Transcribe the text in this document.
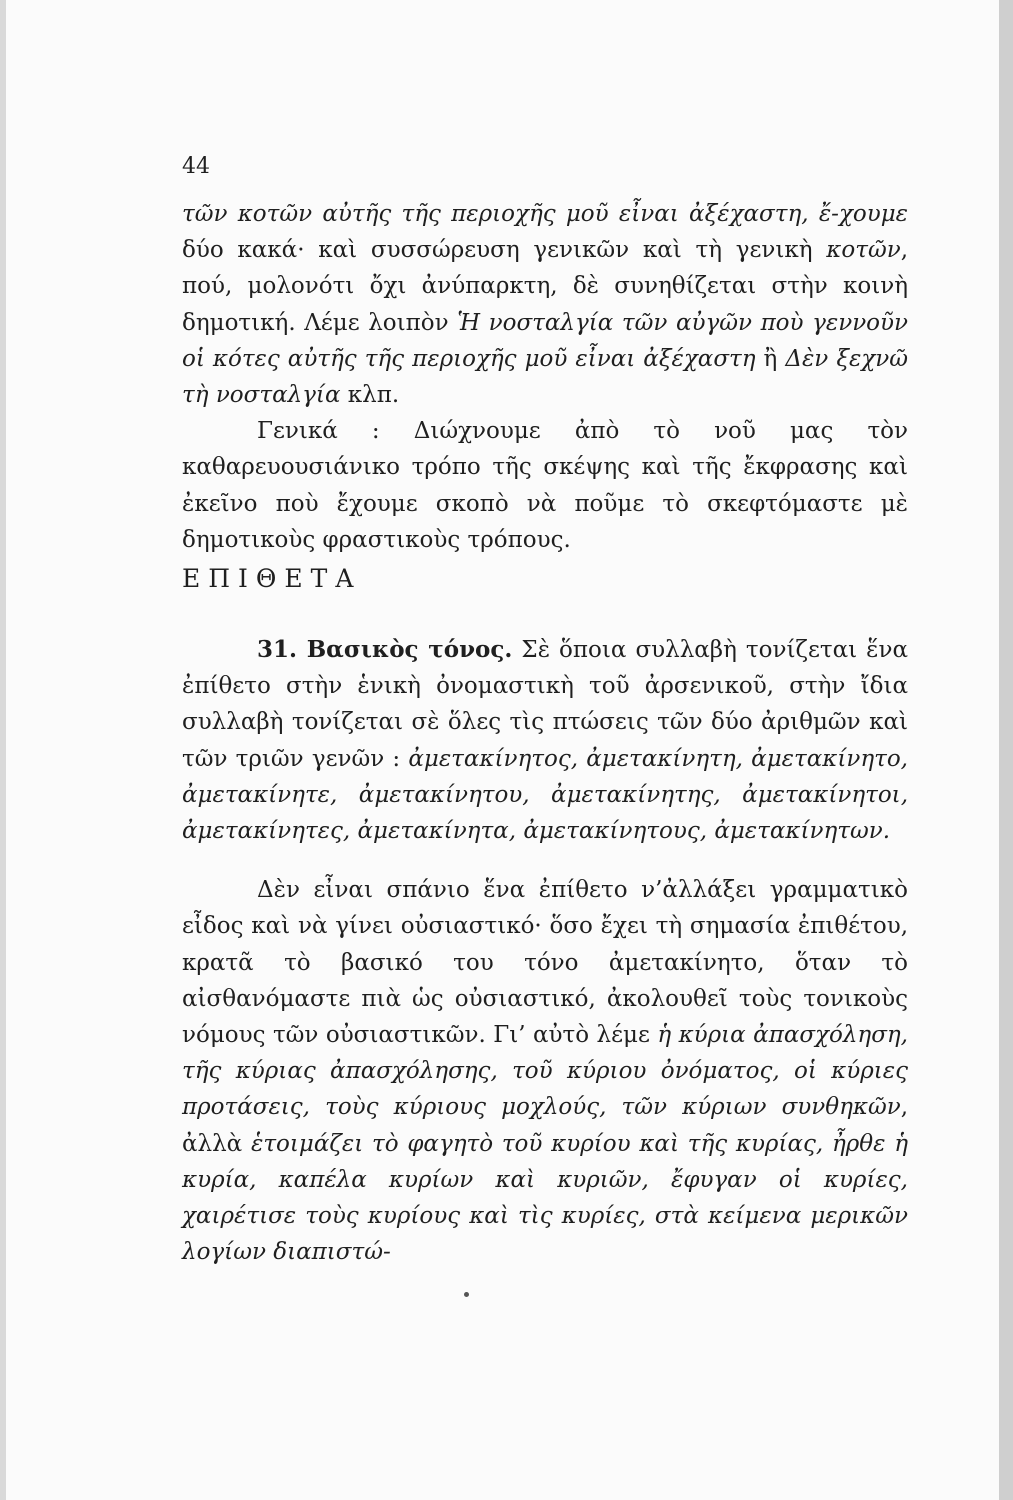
44

τῶν κοτῶν αὐτῆς τῆς περιοχῆς μοῦ εἶναι ἀξέχαστη, ἔ-χουμε δύο κακά· καὶ συσσώρευση γενικῶν καὶ τὴ γενικὴ κοτῶν, πού, μολονότι ὄχι ἀνύπαρκτη, δὲ συνηθίζεται στὴν κοινὴ δημοτική. Λέμε λοιπὸν Ἡ νοσταλγία τῶν αὐγῶν ποὺ γεννοῦν οἱ κότες αὐτῆς τῆς περιοχῆς μοῦ εἶναι ἀξέχαστη ἢ Δὲν ξεχνῶ τὴ νοσταλγία κλπ.

Γενικά : Διώχνουμε ἀπὸ τὸ νοῦ μας τὸν καθαρευουσιάνικο τρόπο τῆς σκέψης καὶ τῆς ἔκφρασης καὶ ἐκεῖνο ποὺ ἔχουμε σκοπὸ νὰ ποῦμε τὸ σκεφτόμαστε μὲ δημοτικοὺς φραστικοὺς τρόπους.

ΕΠΙΘΕΤΑ

31. Βασικὸς τόνος. Σὲ ὅποια συλλαβὴ τονίζεται ἕνα ἐπίθετο στὴν ἑνικὴ ὀνομαστικὴ τοῦ ἀρσενικοῦ, στὴν ἴδια συλλαβὴ τονίζεται σὲ ὅλες τὶς πτώσεις τῶν δύο ἀριθμῶν καὶ τῶν τριῶν γενῶν : ἀμετακίνητος, ἀμετακίνητη, ἀμετακίνητο, ἀμετακίνητε, ἀμετακίνητου, ἀμετακίνητης, ἀμετακίνητοι, ἀμετακίνητες, ἀμετακίνητα, ἀμετακίνητους, ἀμετακίνητων.

Δὲν εἶναι σπάνιο ἕνα ἐπίθετο ν’ἀλλάξει γραμματικὸ εἶδος καὶ νὰ γίνει οὐσιαστικό· ὅσο ἔχει τὴ σημασία ἐπιθέτου, κρατᾶ τὸ βασικό του τόνο ἀμετακίνητο, ὅταν τὸ αἰσθανόμαστε πιὰ ὡς οὐσιαστικό, ἀκολουθεῖ τοὺς τονικοὺς νόμους τῶν οὐσιαστικῶν. Γι’ αὐτὸ λέμε ἡ κύρια ἀπασχόληση, τῆς κύριας ἀπασχόλησης, τοῦ κύριου ὀνόματος, οἱ κύριες προτάσεις, τοὺς κύριους μοχλούς, τῶν κύριων συνθηκῶν, ἀλλὰ ἑτοιμάζει τὸ φαγητὸ τοῦ κυρίου καὶ τῆς κυρίας, ἦρθε ἡ κυρία, καπέλα κυρίων καὶ κυριῶν, ἔφυγαν οἱ κυρίες, χαιρέτισε τοὺς κυρίους καὶ τὶς κυρίες, στὰ κείμενα μερικῶν λογίων διαπιστώ-
